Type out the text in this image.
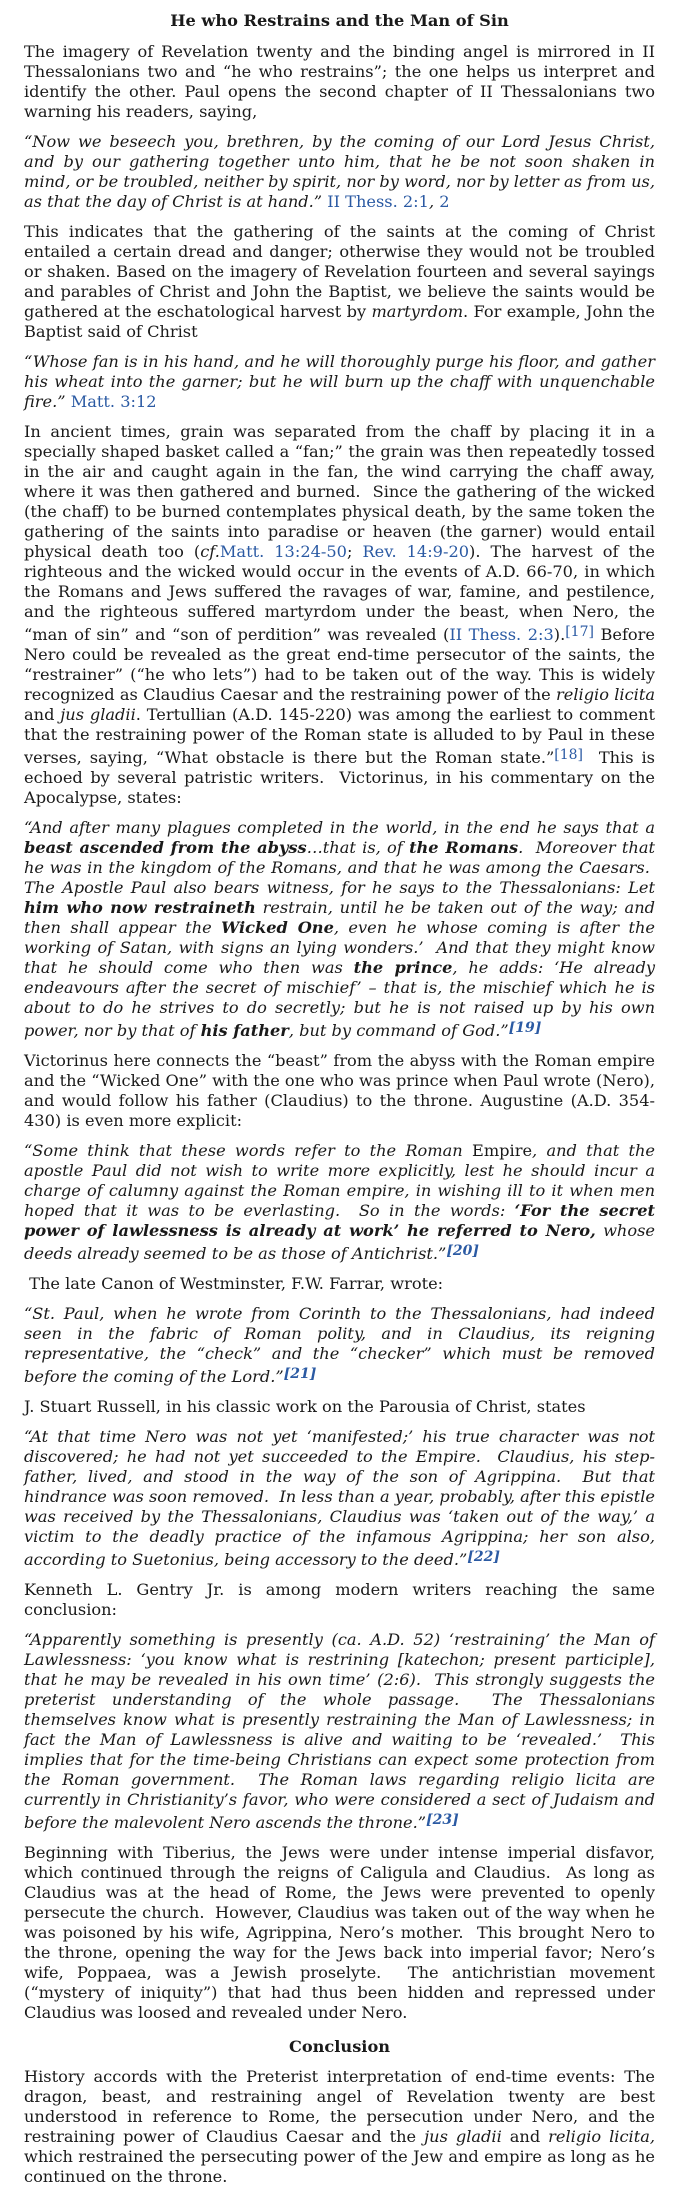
He who Restrains and the Man of Sin

The imagery of Revelation twenty and the binding angel is mirrored in II Thessalonians two and “he who restrains”; the one helps us interpret and identify the other. Paul opens the second chapter of II Thessalonians two warning his readers, saying,

“Now we beseech you, brethren, by the coming of our Lord Jesus Christ, and by our gathering together unto him, that he be not soon shaken in mind, or be troubled, neither by spirit, nor by word, nor by letter as from us, as that the day of Christ is at hand.” II Thess. 2:1, 2

This indicates that the gathering of the saints at the coming of Christ entailed a certain dread and danger; otherwise they would not be troubled or shaken. Based on the imagery of Revelation fourteen and several sayings and parables of Christ and John the Baptist, we believe the saints would be gathered at the eschatological harvest by martyrdom. For example, John the Baptist said of Christ

“Whose fan is in his hand, and he will thoroughly purge his floor, and gather his wheat into the garner; but he will burn up the chaff with unquenchable fire.” Matt. 3:12

In ancient times, grain was separated from the chaff by placing it in a specially shaped basket called a “fan;” the grain was then repeatedly tossed in the air and caught again in the fan, the wind carrying the chaff away, where it was then gathered and burned.  Since the gathering of the wicked (the chaff) to be burned contemplates physical death, by the same token the gathering of the saints into paradise or heaven (the garner) would entail physical death too (cf.Matt. 13:24-50; Rev. 14:9-20). The harvest of the righteous and the wicked would occur in the events of A.D. 66-70, in which the Romans and Jews suffered the ravages of war, famine, and pestilence, and the righteous suffered martyrdom under the beast, when Nero, the “man of sin” and “son of perdition” was revealed (II Thess. 2:3).[17] Before Nero could be revealed as the great end-time persecutor of the saints, the “restrainer” (“he who lets”) had to be taken out of the way. This is widely recognized as Claudius Caesar and the restraining power of the religio licita and jus gladii. Tertullian (A.D. 145-220) was among the earliest to comment that the restraining power of the Roman state is alluded to by Paul in these verses, saying, “What obstacle is there but the Roman state.”[18]  This is echoed by several patristic writers.  Victorinus, in his commentary on the Apocalypse, states:

“And after many plagues completed in the world, in the end he says that a beast ascended from the abyss…that is, of the Romans.  Moreover that he was in the kingdom of the Romans, and that he was among the Caesars.  The Apostle Paul also bears witness, for he says to the Thessalonians: Let him who now restraineth restrain, until he be taken out of the way; and then shall appear the Wicked One, even he whose coming is after the working of Satan, with signs an lying wonders.’  And that they might know that he should come who then was the prince, he adds: ‘He already endeavours after the secret of mischief’ – that is, the mischief which he is about to do he strives to do secretly; but he is not raised up by his own power, nor by that of his father, but by command of God.”[19]

Victorinus here connects the “beast” from the abyss with the Roman empire and the “Wicked One” with the one who was prince when Paul wrote (Nero), and would follow his father (Claudius) to the throne. Augustine (A.D. 354-430) is even more explicit:

“Some think that these words refer to the Roman Empire, and that the apostle Paul did not wish to write more explicitly, lest he should incur a charge of calumny against the Roman empire, in wishing ill to it when men hoped that it was to be everlasting.  So in the words: ‘For the secret power of lawlessness is already at work’ he referred to Nero, whose deeds already seemed to be as those of Antichrist.”[20]

The late Canon of Westminster, F.W. Farrar, wrote:

“St. Paul, when he wrote from Corinth to the Thessalonians, had indeed seen in the fabric of Roman polity, and in Claudius, its reigning representative, the “check” and the “checker” which must be removed before the coming of the Lord.”[21]

J. Stuart Russell, in his classic work on the Parousia of Christ, states

“At that time Nero was not yet ‘manifested;’ his true character was not discovered; he had not yet succeeded to the Empire.  Claudius, his step-father, lived, and stood in the way of the son of Agrippina.  But that hindrance was soon removed.  In less than a year, probably, after this epistle was received by the Thessalonians, Claudius was ‘taken out of the way,’ a victim to the deadly practice of the infamous Agrippina; her son also, according to Suetonius, being accessory to the deed.”[22]

Kenneth L. Gentry Jr. is among modern writers reaching the same conclusion:

“Apparently something is presently (ca. A.D. 52) ‘restraining’ the Man of Lawlessness: ‘you know what is restrining [katechon; present participle], that he may be revealed in his own time’ (2:6).  This strongly suggests the preterist understanding of the whole passage.  The Thessalonians themselves know what is presently restraining the Man of Lawlessness; in fact the Man of Lawlessness is alive and waiting to be ‘revealed.’  This implies that for the time-being Christians can expect some protection from the Roman government.  The Roman laws regarding religio licita are currently in Christianity’s favor, who were considered a sect of Judaism and before the malevolent Nero ascends the throne.”[23]

Beginning with Tiberius, the Jews were under intense imperial disfavor, which continued through the reigns of Caligula and Claudius.  As long as Claudius was at the head of Rome, the Jews were prevented to openly persecute the church.  However, Claudius was taken out of the way when he was poisoned by his wife, Agrippina, Nero’s mother.  This brought Nero to the throne, opening the way for the Jews back into imperial favor; Nero’s wife, Poppaea, was a Jewish proselyte.  The antichristian movement (“mystery of iniquity”) that had thus been hidden and repressed under Claudius was loosed and revealed under Nero.

Conclusion

History accords with the Preterist interpretation of end-time events: The dragon, beast, and restraining angel of Revelation twenty are best understood in reference to Rome, the persecution under Nero, and the restraining power of Claudius Caesar and the jus gladii and religio licita, which restrained the persecuting power of the Jew and empire as long as he continued on the throne.
